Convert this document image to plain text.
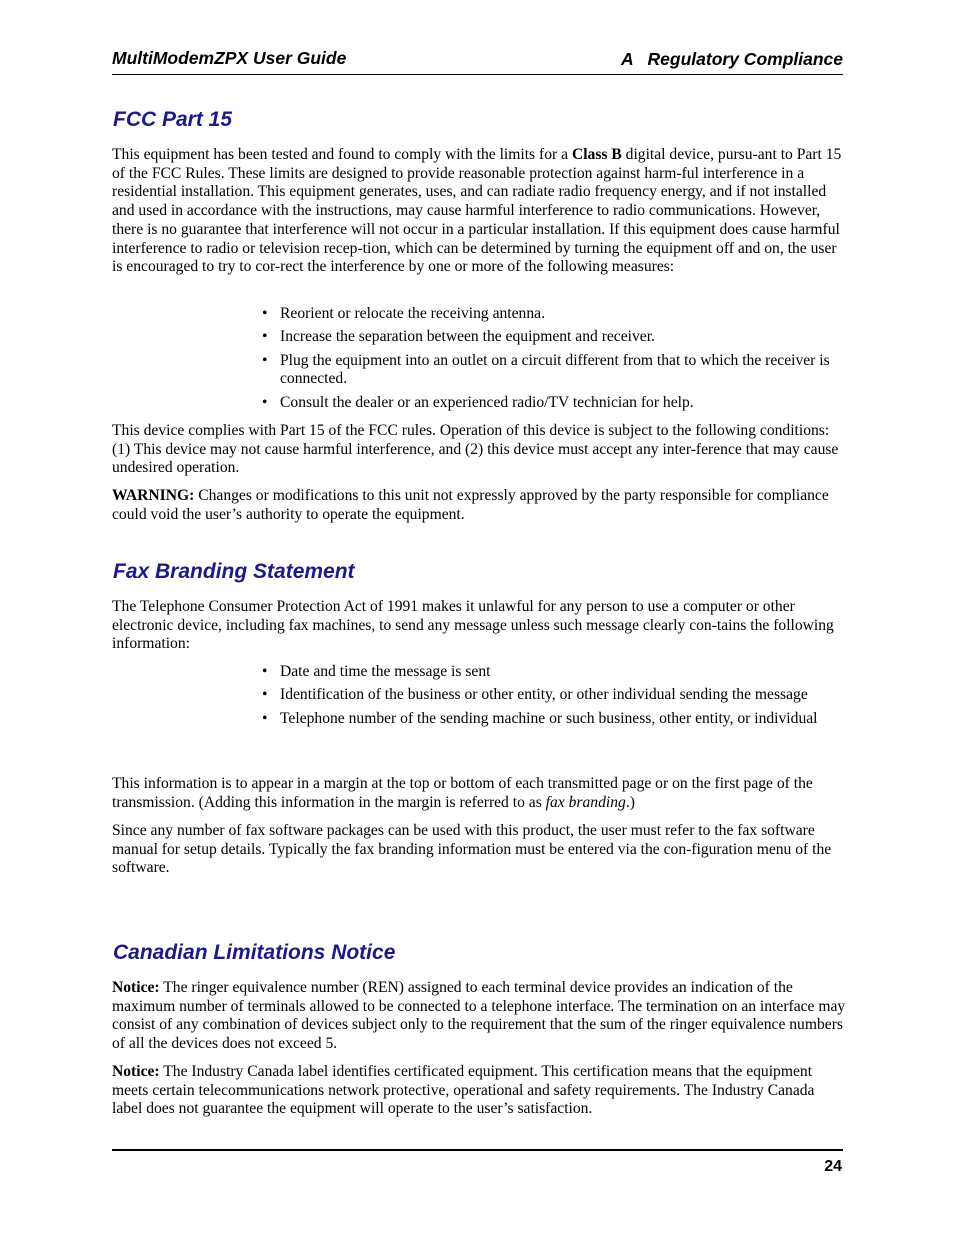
MultiModemZPX User Guide	A   Regulatory Compliance
FCC Part 15

This equipment has been tested and found to comply with the limits for a Class B digital device, pursu-ant to Part 15 of the FCC Rules. These limits are designed to provide reasonable protection against harm-ful interference in a residential installation. This equipment generates, uses, and can radiate radio frequency energy, and if not installed and used in accordance with the instructions, may cause harmful interference to radio communications. However, there is no guarantee that interference will not occur in a particular installation. If this equipment does cause harmful interference to radio or television recep-tion, which can be determined by turning the equipment off and on, the user is encouraged to try to cor-rect the interference by one or more of the following measures:

• Reorient or relocate the receiving antenna.
• Increase the separation between the equipment and receiver.
• Plug the equipment into an outlet on a circuit different from that to which the receiver is connected.
• Consult the dealer or an experienced radio/TV technician for help.

This device complies with Part 15 of the FCC rules. Operation of this device is subject to the following conditions: (1) This device may not cause harmful interference, and (2) this device must accept any inter-ference that may cause undesired operation.

WARNING: Changes or modifications to this unit not expressly approved by the party responsible for compliance could void the user’s authority to operate the equipment.

Fax Branding Statement

The Telephone Consumer Protection Act of 1991 makes it unlawful for any person to use a computer or other electronic device, including fax machines, to send any message unless such message clearly con-tains the following information:

• Date and time the message is sent
• Identification of the business or other entity, or other individual sending the message
• Telephone number of the sending machine or such business, other entity, or individual

This information is to appear in a margin at the top or bottom of each transmitted page or on the first page of the transmission. (Adding this information in the margin is referred to as fax branding.)

Since any number of fax software packages can be used with this product, the user must refer to the fax software manual for setup details. Typically the fax branding information must be entered via the con-figuration menu of the software.

Canadian Limitations Notice

Notice: The ringer equivalence number (REN) assigned to each terminal device provides an indication of the maximum number of terminals allowed to be connected to a telephone interface. The termination on an interface may consist of any combination of devices subject only to the requirement that the sum of the ringer equivalence numbers of all the devices does not exceed 5.

Notice: The Industry Canada label identifies certificated equipment. This certification means that the equipment meets certain telecommunications network protective, operational and safety requirements. The Industry Canada label does not guarantee the equipment will operate to the user’s satisfaction.

24
